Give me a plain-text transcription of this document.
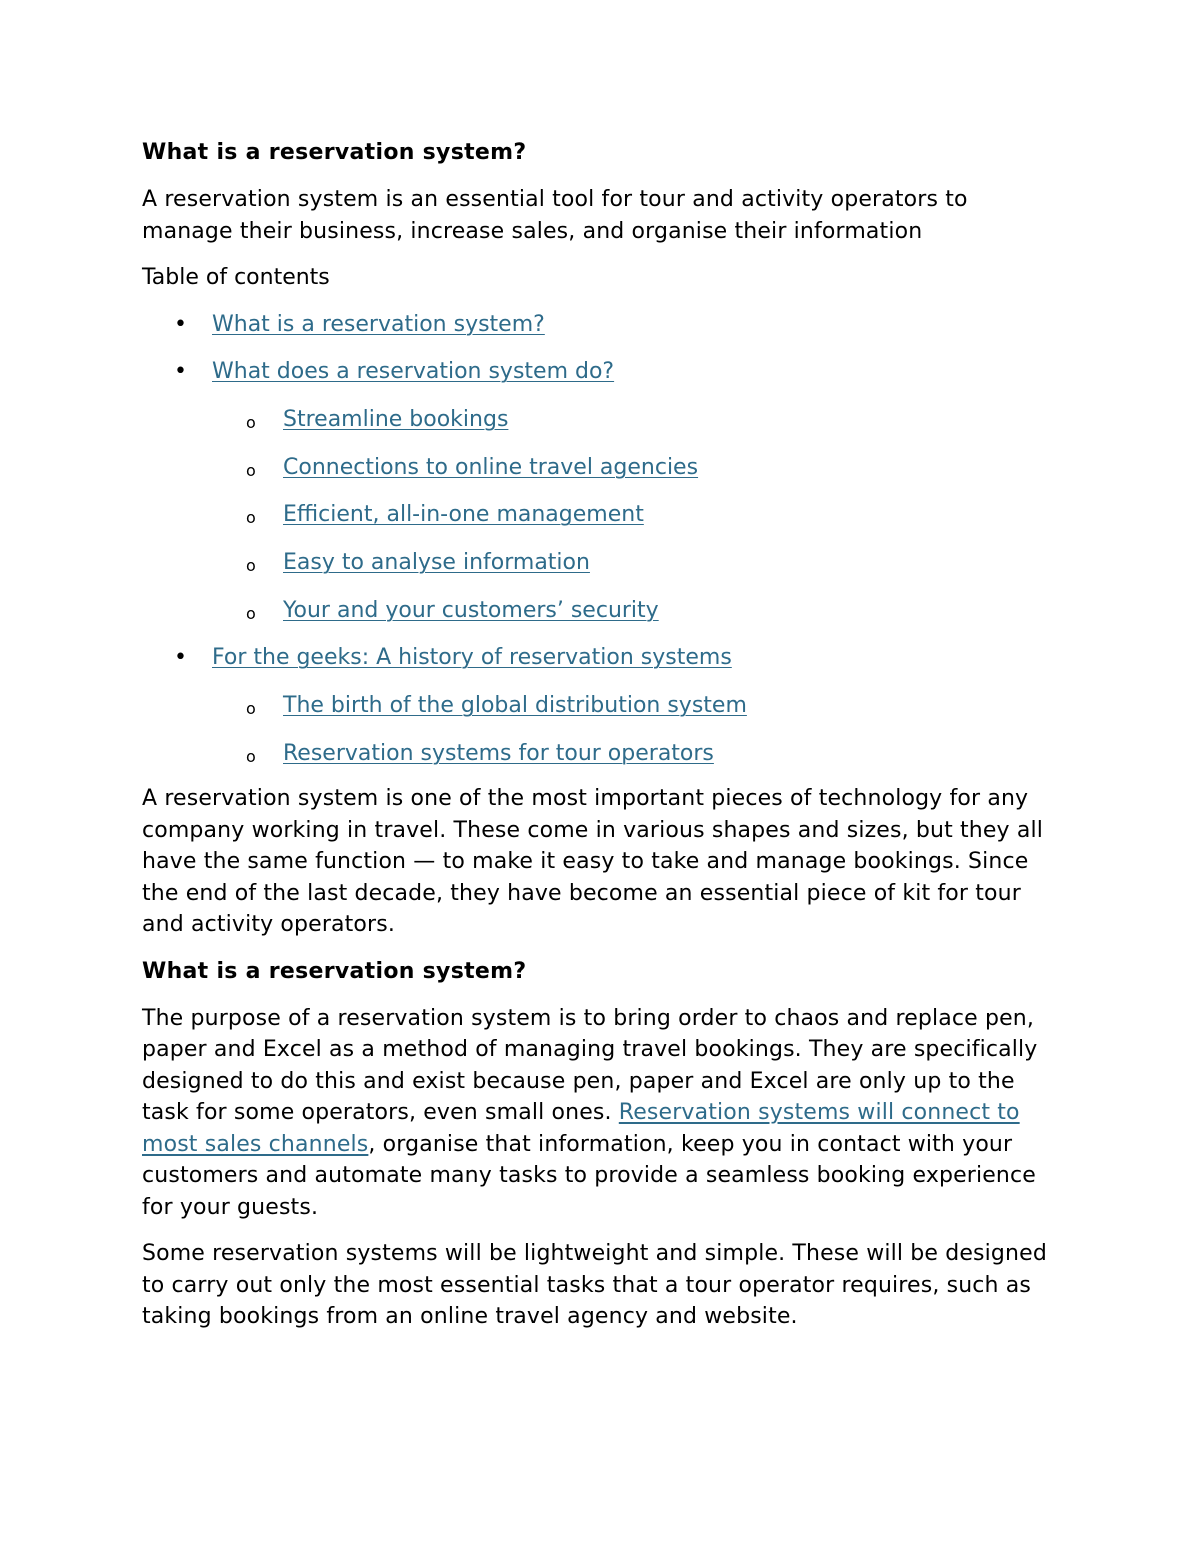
What is a reservation system?
A reservation system is an essential tool for tour and activity operators to manage their business, increase sales, and organise their information
Table of contents
• What is a reservation system?
• What does a reservation system do?
o Streamline bookings
o Connections to online travel agencies
o Efficient, all-in-one management
o Easy to analyse information
o Your and your customers’ security
• For the geeks: A history of reservation systems
o The birth of the global distribution system
o Reservation systems for tour operators
A reservation system is one of the most important pieces of technology for any company working in travel. These come in various shapes and sizes, but they all have the same function — to make it easy to take and manage bookings. Since the end of the last decade, they have become an essential piece of kit for tour and activity operators.
What is a reservation system?
The purpose of a reservation system is to bring order to chaos and replace pen, paper and Excel as a method of managing travel bookings. They are specifically designed to do this and exist because pen, paper and Excel are only up to the task for some operators, even small ones. Reservation systems will connect to most sales channels, organise that information, keep you in contact with your customers and automate many tasks to provide a seamless booking experience for your guests.
Some reservation systems will be lightweight and simple. These will be designed to carry out only the most essential tasks that a tour operator requires, such as taking bookings from an online travel agency and website.
